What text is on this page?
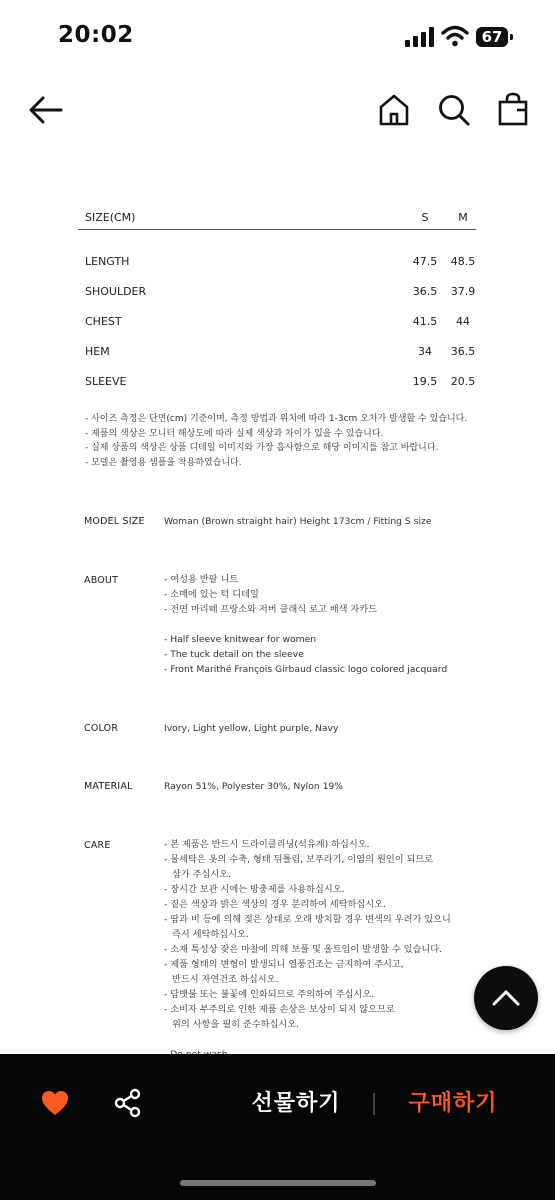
20:02	67
SIZE(CM)	S	M
LENGTH	47.5	48.5
SHOULDER	36.5	37.9
CHEST	41.5	44
HEM	34	36.5
SLEEVE	19.5	20.5
- 사이즈 측정은 단면(cm) 기준이며, 측정 방법과 위치에 따라 1-3cm 오차가 발생할 수 있습니다.
- 제품의 색상은 모니터 해상도에 따라 실제 색상과 차이가 있을 수 있습니다.
- 실제 상품의 색상은 상품 디테일 이미지와 가장 흡사함으로 해당 이미지를 참고 바랍니다.
- 모델은 촬영용 샘플을 착용하였습니다.
MODEL SIZE Woman (Brown straight hair) Height 173cm / Fitting S size
ABOUT	- 여성용 반팔 니트
- 소매에 있는 턱 디테일
- 전면 마리떼 프랑소와 저버 클래식 로고 배색 자카드
- Half sleeve knitwear for women
- The tuck detail on the sleeve
- Front Marithé François Girbaud classic logo colored jacquard
COLOR	Ivory, Light yellow, Light purple, Navy
MATERIAL	Rayon 51%, Polyester 30%, Nylon 19%
CARE	- 본 제품은 반드시 드라이클리닝(석유계) 하십시오.
- 물세탁은 옷의 수축, 형태 뒤틀림, 보푸라기, 이염의 원인이 되므로
삼가 주십시오.
- 장시간 보관 시에는 방충제를 사용하십시오.
- 짙은 색상과 밝은 색상의 경우 분리하여 세탁하십시오.
- 땀과 비 등에 의해 젖은 상태로 오래 방치할 경우 변색의 우려가 있으니
즉시 세탁하십시오.
- 소재 특성상 잦은 마찰에 의해 보풀 및 올트임이 발생할 수 있습니다.
- 제품 형태의 변형이 발생되니 열풍건조는 금지하여 주시고,
반드시 자연건조 하십시오.
- 담뱃불 또는 불꽃에 인화되므로 주의하여 주십시오.
- 소비자 부주의로 인한 제품 손상은 보상이 되지 않으므로
위의 사항을 필히 준수하십시오.
선물하기	구매하기
